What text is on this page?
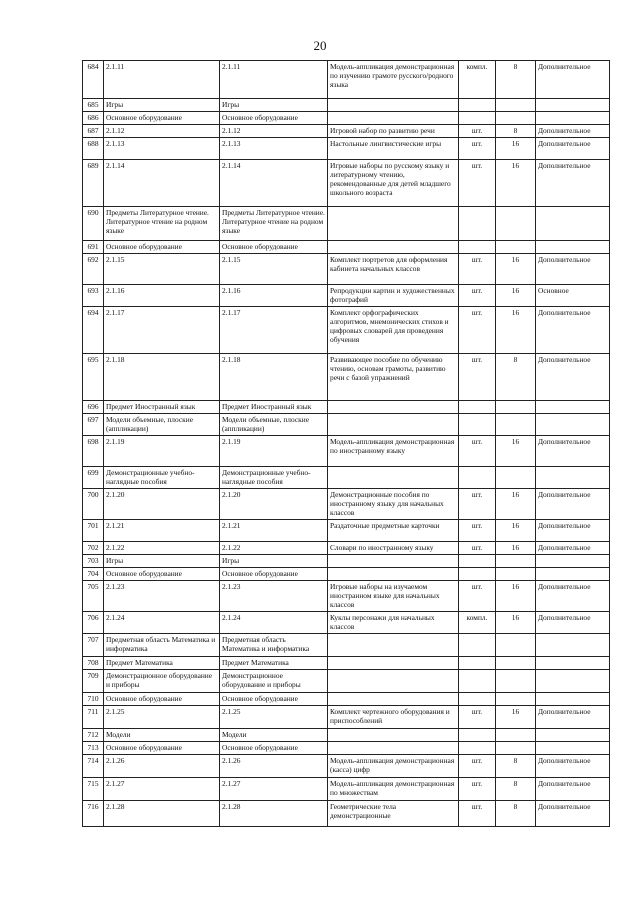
20
684	2.1.11	2.1.11	Модель-аппликация демонстрационная по изучению грамоте русского/родного языка	компл.	8	Дополнительное
685	Игры	Игры				
686	Основное оборудование	Основное оборудование				
687	2.1.12	2.1.12	Игровой набор по развитию речи	шт.	8	Дополнительное
688	2.1.13	2.1.13	Настольные лингвистические игры	шт.	16	Дополнительное
689	2.1.14	2.1.14	Игровые наборы по русскому языку и литературному чтению, рекомендованные для детей младшего школьного возраста	шт.	16	Дополнительное
690	Предметы Литературное чтение. Литературное чтение на родном языке	Предметы Литературное чтение. Литературное чтение на родном языке				
691	Основное оборудование	Основное оборудование				
692	2.1.15	2.1.15	Комплект портретов для оформления кабинета начальных классов	шт.	16	Дополнительное
693	2.1.16	2.1.16	Репродукции картин и художественных фотографий	шт.	16	Основное
694	2.1.17	2.1.17	Комплект орфографических алгоритмов, мнемонических стихов и цифровых словарей для проведения обучения	шт.	16	Дополнительное
695	2.1.18	2.1.18	Развивающее пособие по обучению чтению, основам грамоты, развитию речи с базой упражнений	шт.	8	Дополнительное
696	Предмет Иностранный язык	Предмет Иностранный язык				
697	Модели объемные, плоские (аппликации)	Модели объемные, плоские (аппликации)				
698	2.1.19	2.1.19	Модель-аппликация демонстрационная по иностранному языку	шт.	16	Дополнительное
699	Демонстрационные учебно-наглядные пособия	Демонстрационные учебно-наглядные пособия				
700	2.1.20	2.1.20	Демонстрационные пособия по иностранному языку для начальных классов	шт.	16	Дополнительное
701	2.1.21	2.1.21	Раздаточные предметные карточки	шт.	16	Дополнительное
702	2.1.22	2.1.22	Словари по иностранному языку	шт.	16	Дополнительное
703	Игры	Игры				
704	Основное оборудование	Основное оборудование				
705	2.1.23	2.1.23	Игровые наборы на изучаемом иностранном языке для начальных классов	шт.	16	Дополнительное
706	2.1.24	2.1.24	Куклы персонажи для начальных классов	компл.	16	Дополнительное
707	Предметная область Математика и информатика	Предметная область Математика и информатика				
708	Предмет Математика	Предмет Математика				
709	Демонстрационное оборудование и приборы	Демонстрационное оборудование и приборы				
710	Основное оборудование	Основное оборудование				
711	2.1.25	2.1.25	Комплект чертежного оборудования и приспособлений	шт.	16	Дополнительное
712	Модели	Модели				
713	Основное оборудование	Основное оборудование				
714	2.1.26	2.1.26	Модель-аппликация демонстрационная (касса) цифр	шт.	8	Дополнительное
715	2.1.27	2.1.27	Модель-аппликация демонстрационная по множествам	шт.	8	Дополнительное
716	2.1.28	2.1.28	Геометрические тела демонстрационные	шт.	8	Дополнительное
